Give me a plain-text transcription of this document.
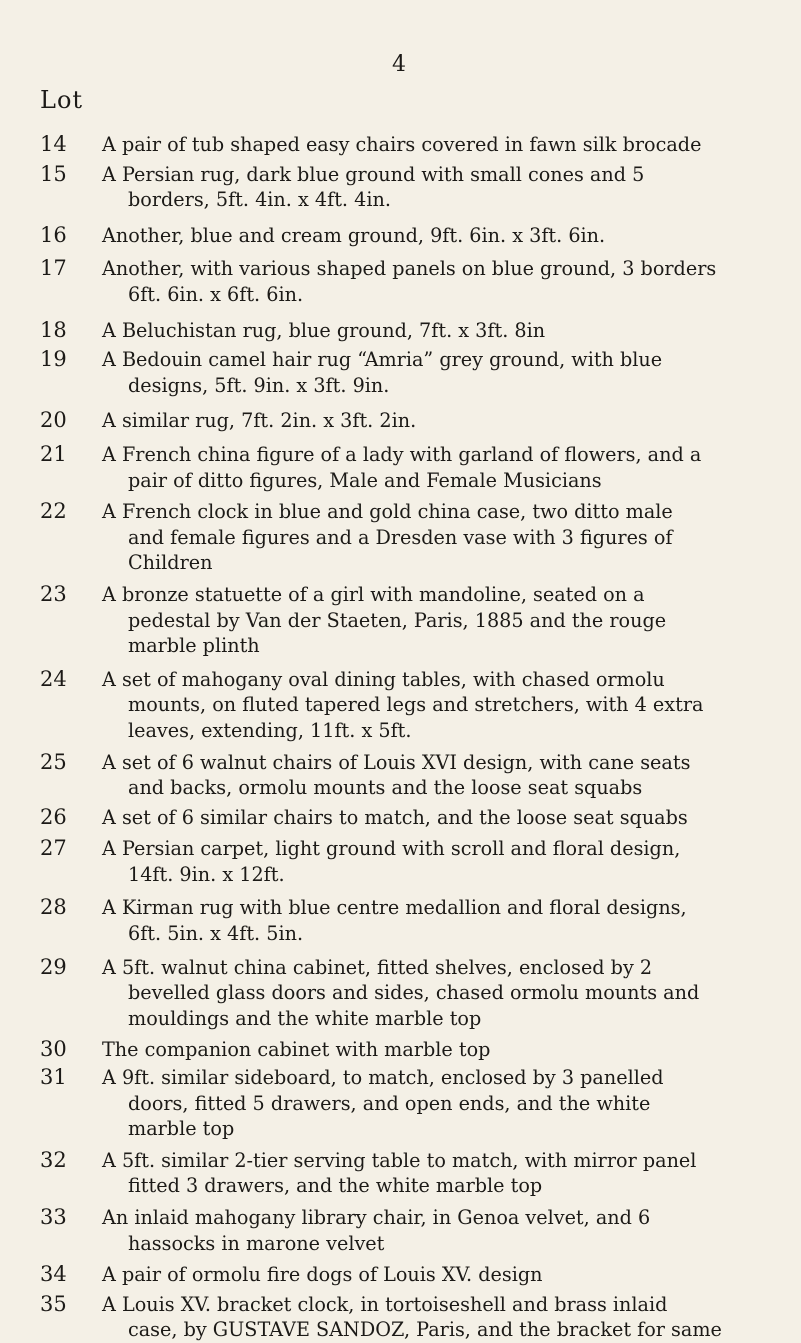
4
Lot
14	A pair of tub shaped easy chairs covered in fawn silk brocade
15	A Persian rug, dark blue ground with small cones and 5
borders, 5ft. 4in. x 4ft. 4in.
16	Another, blue and cream ground, 9ft. 6in. x 3ft. 6in.
17	Another, with various shaped panels on blue ground, 3 borders
6ft. 6in. x 6ft. 6in.
18	A Beluchistan rug, blue ground, 7ft. x 3ft. 8in
19	A Bedouin camel hair rug “Amria” grey ground, with blue
designs, 5ft. 9in. x 3ft. 9in.
20	A similar rug, 7ft. 2in. x 3ft. 2in.
21	A French china figure of a lady with garland of flowers, and a
pair of ditto figures, Male and Female Musicians
22	A French clock in blue and gold china case, two ditto male
and female figures and a Dresden vase with 3 figures of
Children
23	A bronze statuette of a girl with mandoline, seated on a
pedestal by Van der Staeten, Paris, 1885 and the rouge
marble plinth
24	A set of mahogany oval dining tables, with chased ormolu
mounts, on fluted tapered legs and stretchers, with 4 extra
leaves, extending, 11ft. x 5ft.
25	A set of 6 walnut chairs of Louis XVI design, with cane seats
and backs, ormolu mounts and the loose seat squabs
26	A set of 6 similar chairs to match, and the loose seat squabs
27	A Persian carpet, light ground with scroll and floral design,
14ft. 9in. x 12ft.
28	A Kirman rug with blue centre medallion and floral designs,
6ft. 5in. x 4ft. 5in.
29	A 5ft. walnut china cabinet, fitted shelves, enclosed by 2
bevelled glass doors and sides, chased ormolu mounts and
mouldings and the white marble top
30	The companion cabinet with marble top
31	A 9ft. similar sideboard, to match, enclosed by 3 panelled
doors, fitted 5 drawers, and open ends, and the white
marble top
32	A 5ft. similar 2-tier serving table to match, with mirror panel
fitted 3 drawers, and the white marble top
33	An inlaid mahogany library chair, in Genoa velvet, and 6
hassocks in marone velvet
34	A pair of ormolu fire dogs of Louis XV. design
35	A Louis XV. bracket clock, in tortoiseshell and brass inlaid
case, by GUSTAVE SANDOZ, Paris, and the bracket for same
